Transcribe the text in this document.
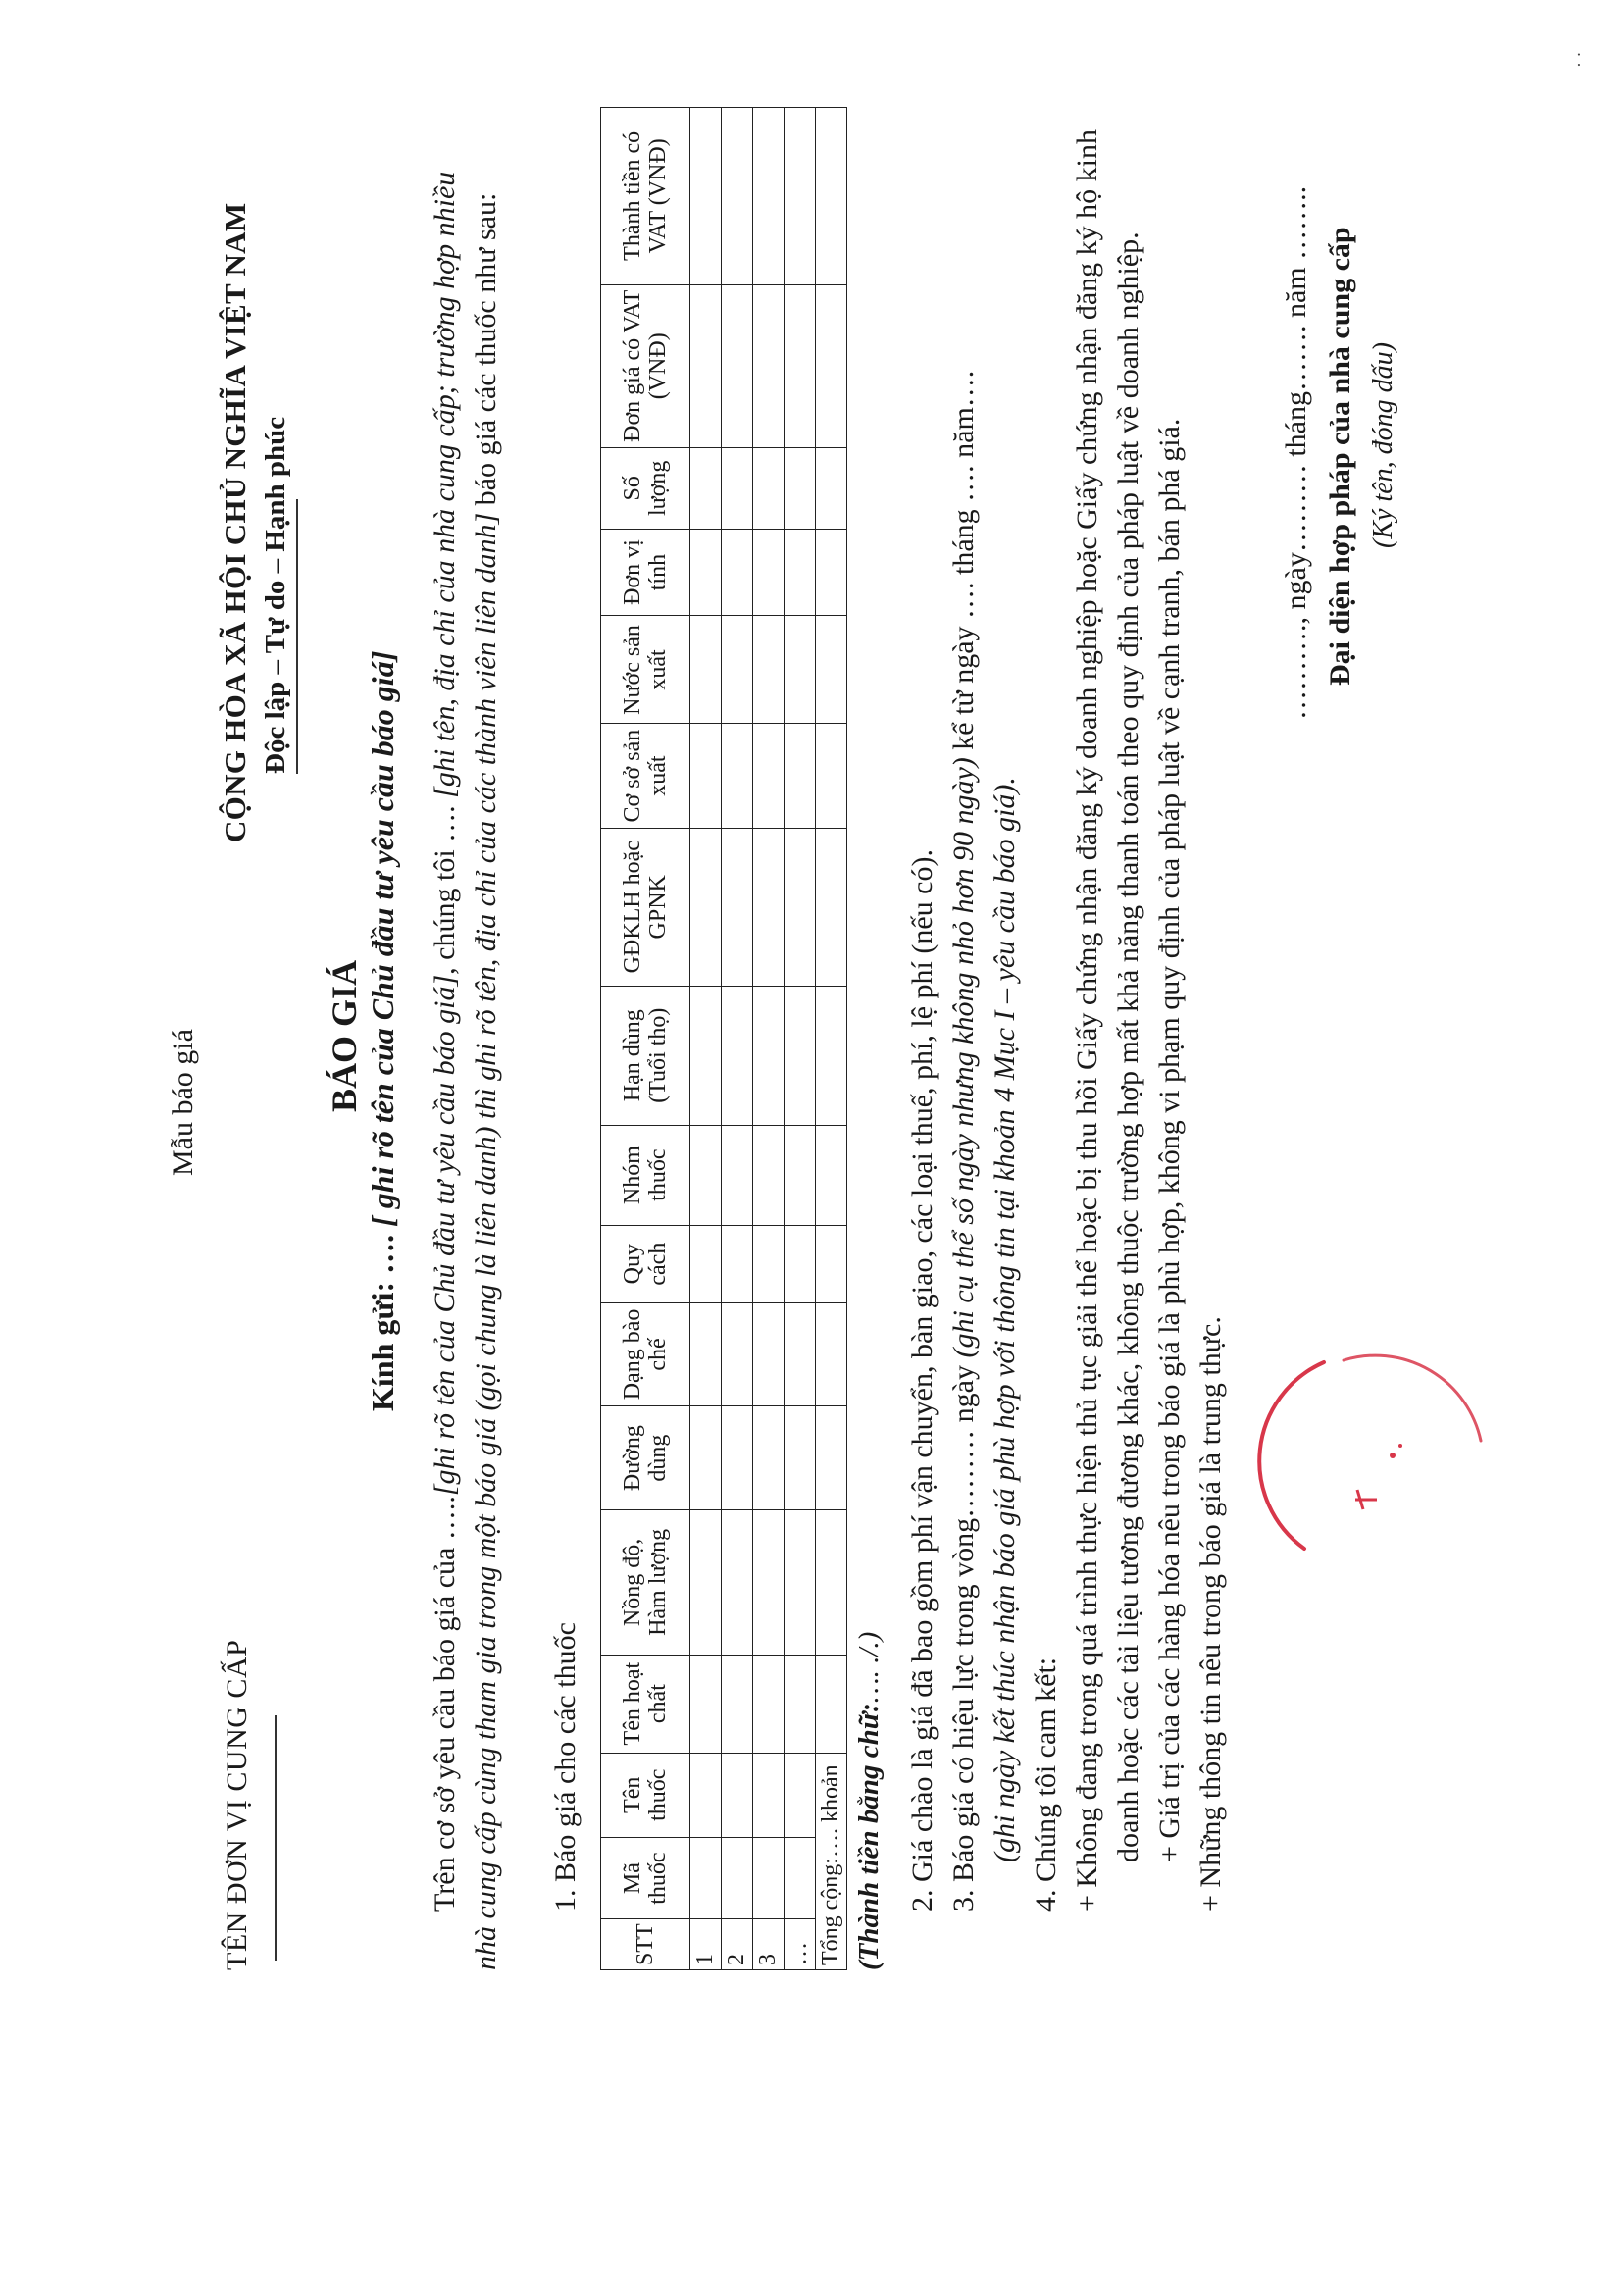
Mẫu báo giá
TÊN ĐƠN VỊ CUNG CẤP
CỘNG HÒA XÃ HỘI CHỦ NGHĨA VIỆT NAM Độc lập – Tự do – Hạnh phúc
BÁO GIÁ
Kính gửi: …. [ ghi rõ tên của Chủ đầu tư yêu cầu báo giá]
Trên cơ sở yêu cầu báo giá của …..[ghi rõ tên của Chủ đầu tư yêu cầu báo giá], chúng tôi …. [ghi tên, địa chỉ của nhà cung cấp; trường hợp nhiều nhà cung cấp cùng tham gia trong một báo giá (gọi chung là liên danh) thì ghi rõ tên, địa chỉ của các thành viên liên danh] báo giá các thuốc như sau:
1. Báo giá cho các thuốc
STT	Mã thuốc	Tên thuốc	Tên hoạt chất	Nồng độ, Hàm lượng	Đường dùng	Dạng bào chế	Quy cách	Nhóm thuốc	Hạn dùng (Tuổi thọ)	GĐKLH hoặc GPNK	Cơ sở sản xuất	Nước sản xuất	Đơn vị tính	Số lượng	Đơn giá có VAT (VNĐ)	Thành tiền có VAT (VNĐ)
1																
2																
3																
…																
Tổng cộng:…. khoản																(Thành tiền bằng chữ:…. ./.) 2. Giá chào là giá đã bao gồm phí vận chuyển, bàn giao, các loại thuế, phí, lệ phí (nếu có). 3. Báo giá có hiệu lực trong vòng……… ngày (ghi cụ thể số ngày nhưng không nhỏ hơn 90 ngày) kể từ ngày …. tháng …. năm….

(ghi ngày kết thúc nhận báo giá phù hợp với thông tin tại khoản 4 Mục I – yêu cầu báo giá). 4. Chúng tôi cam kết: + Không đang trong quá trình thực hiện thủ tục giải thể hoặc bị thu hồi Giấy chứng nhận đăng ký doanh nghiệp hoặc Giấy chứng nhận đăng ký hộ kinh doanh hoặc các tài liệu tương đương khác, không thuộc trường hợp mất khả năng thanh toán theo quy định của pháp luật về doanh nghiệp. + Giá trị của các hàng hóa nêu trong báo giá là phù hợp, không vi phạm quy định của pháp luật về cạnh tranh, bán phá giá. + Những thông tin nêu trong báo giá là trung thực.

………., ngày……… tháng……. năm …….. Đại diện hợp pháp của nhà cung cấp (Ký tên, đóng dấu)
· ·
